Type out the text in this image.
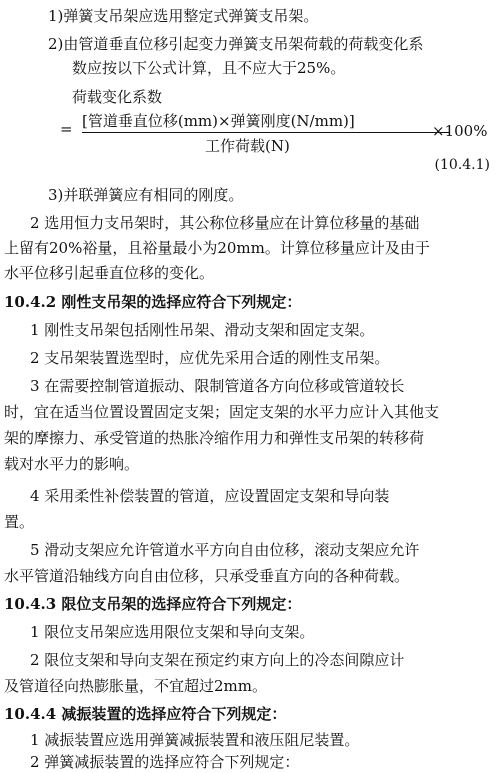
1)弹簧支吊架应选用整定式弹簧支吊架。
2)由管道垂直位移引起变力弹簧支吊架荷载的荷载变化系
数应按以下公式计算，且不应大于25%。
荷载变化系数
= [管道垂直位移(mm)×弹簧刚度(N/mm)]
工作荷载(N)
×100%
(10.4.1)
3)并联弹簧应有相同的刚度。
2 选用恒力支吊架时，其公称位移量应在计算位移量的基础
上留有20%裕量，且裕量最小为20mm。计算位移量应计及由于
水平位移引起垂直位移的变化。
10.4.2 刚性支吊架的选择应符合下列规定：
1 刚性支吊架包括刚性吊架、滑动支架和固定支架。
2 支吊架装置选型时，应优先采用合适的刚性支吊架。
3 在需要控制管道振动、限制管道各方向位移或管道较长
时，宜在适当位置设置固定支架；固定支架的水平力应计入其他支
架的摩擦力、承受管道的热胀冷缩作用力和弹性支吊架的转移荷
载对水平力的影响。
4 采用柔性补偿装置的管道，应设置固定支架和导向装
置。
5 滑动支架应允许管道水平方向自由位移，滚动支架应允许
水平管道沿轴线方向自由位移，只承受垂直方向的各种荷载。
10.4.3 限位支吊架的选择应符合下列规定：
1 限位支吊架应选用限位支架和导向支架。
2 限位支架和导向支架在预定约束方向上的冷态间隙应计
及管道径向热膨胀量，不宜超过2mm。
10.4.4 减振装置的选择应符合下列规定：
1 减振装置应选用弹簧减振装置和液压阻尼装置。
2 弹簧减振装置的选择应符合下列规定：
